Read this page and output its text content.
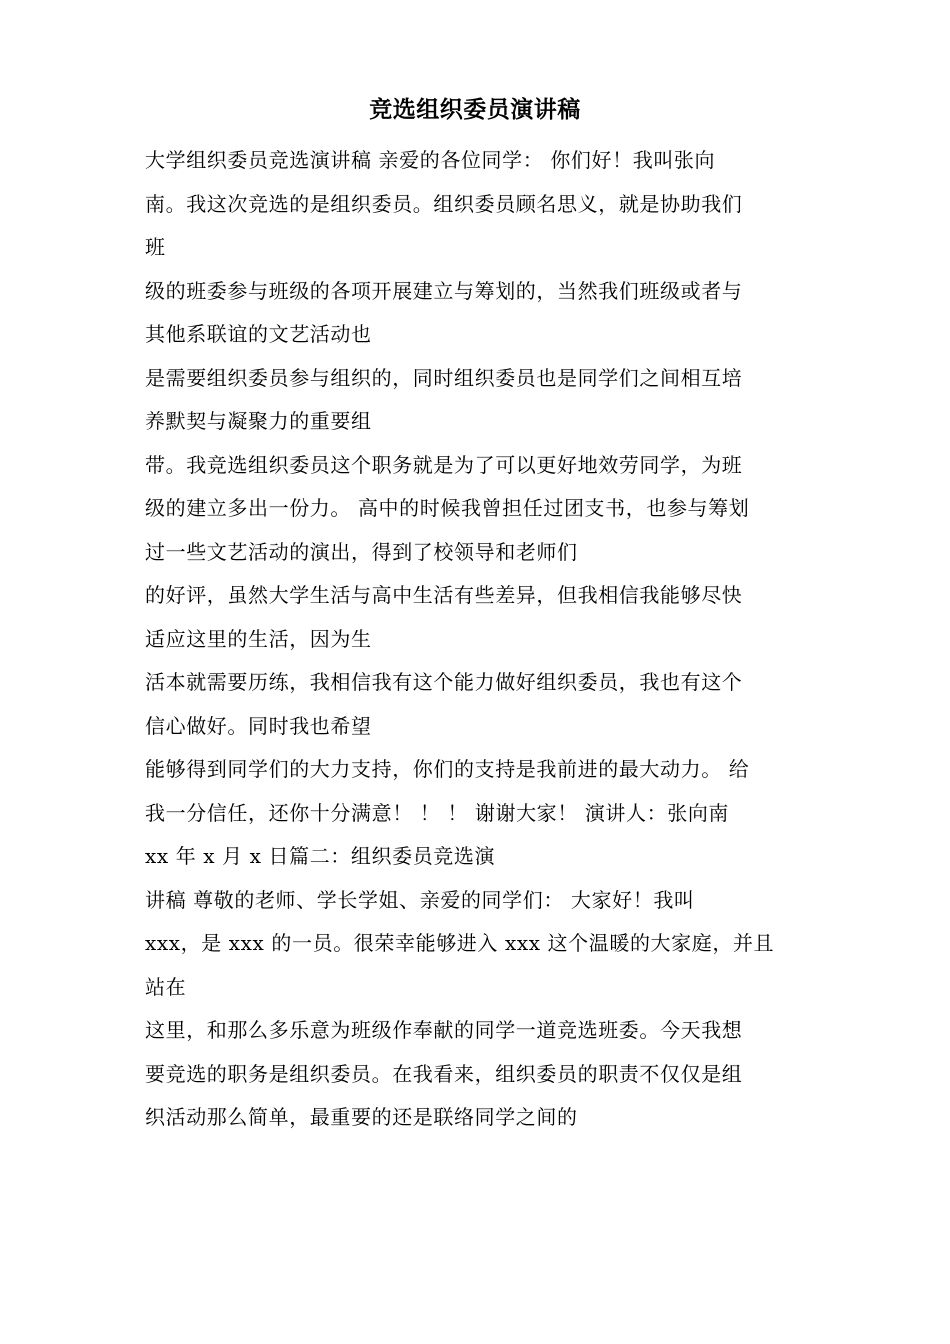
竞选组织委员演讲稿
大学组织委员竞选演讲稿 亲爱的各位同学： 你们好！我叫张向
南。我这次竞选的是组织委员。组织委员顾名思义，就是协助我们
班
级的班委参与班级的各项开展建立与筹划的，当然我们班级或者与
其他系联谊的文艺活动也
是需要组织委员参与组织的，同时组织委员也是同学们之间相互培
养默契与凝聚力的重要组
带。我竞选组织委员这个职务就是为了可以更好地效劳同学，为班
级的建立多出一份力。 高中的时候我曾担任过团支书，也参与筹划
过一些文艺活动的演出，得到了校领导和老师们
的好评，虽然大学生活与高中生活有些差异，但我相信我能够尽快
适应这里的生活，因为生
活本就需要历练，我相信我有这个能力做好组织委员，我也有这个
信心做好。同时我也希望
能够得到同学们的大力支持，你们的支持是我前进的最大动力。 给
我一分信任，还你十分满意！ ！ ！ 谢谢大家！ 演讲人：张向南
xx 年 x 月 x 日篇二：组织委员竞选演
讲稿 尊敬的老师、学长学姐、亲爱的同学们： 大家好！我叫
xxx，是 xxx 的一员。很荣幸能够进入 xxx 这个温暖的大家庭，并且
站在
这里，和那么多乐意为班级作奉献的同学一道竞选班委。今天我想
要竞选的职务是组织委员。在我看来，组织委员的职责不仅仅是组
织活动那么简单，最重要的还是联络同学之间的
